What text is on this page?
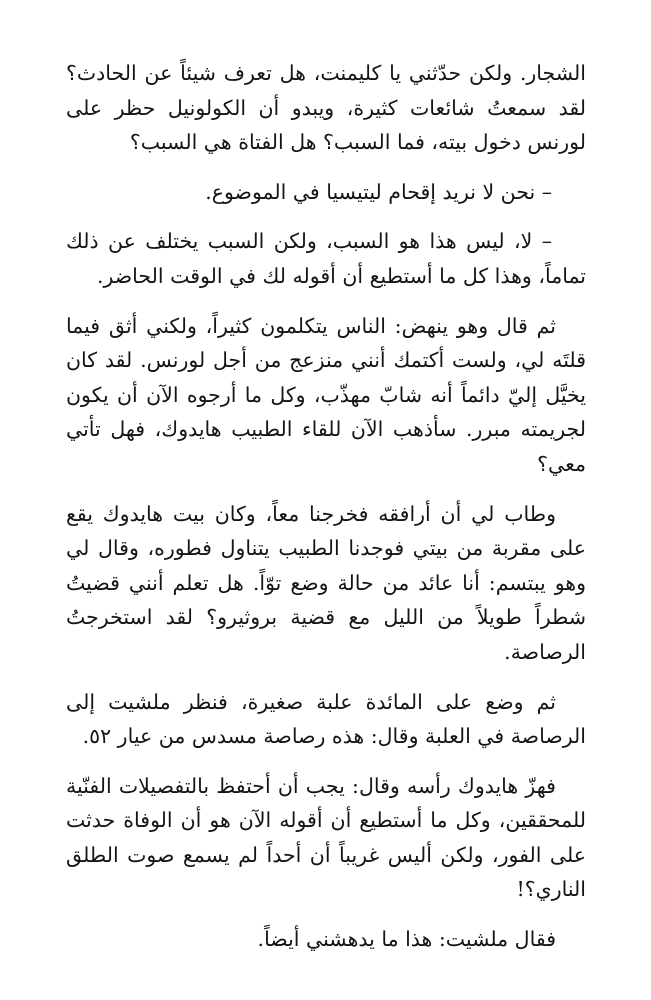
الشجار. ولكن حدّثني يا كليمنت، هل تعرف شيئاً عن الحادث؟ لقد سمعتُ شائعات كثيرة، ويبدو أن الكولونيل حظر على لورنس دخول بيته، فما السبب؟ هل الفتاة هي السبب؟

– نحن لا نريد إقحام ليتيسيا في الموضوع.

– لا، ليس هذا هو السبب، ولكن السبب يختلف عن ذلك تماماً، وهذا كل ما أستطيع أن أقوله لك في الوقت الحاضر.

ثم قال وهو ينهض: الناس يتكلمون كثيراً، ولكني أثق فيما قلتَه لي، ولست أكتمك أنني منزعج من أجل لورنس. لقد كان يخيَّل إليّ دائماً أنه شابّ مهذّب، وكل ما أرجوه الآن أن يكون لجريمته مبرر. سأذهب الآن للقاء الطبيب هايدوك، فهل تأتي معي؟

وطاب لي أن أرافقه فخرجنا معاً، وكان بيت هايدوك يقع على مقربة من بيتي فوجدنا الطبيب يتناول فطوره، وقال لي وهو يبتسم: أنا عائد من حالة وضع توّاً. هل تعلم أنني قضيتُ شطراً طويلاً من الليل مع قضية بروثيرو؟ لقد استخرجتُ الرصاصة.

ثم وضع على المائدة علبة صغيرة، فنظر ملشيت إلى الرصاصة في العلبة وقال: هذه رصاصة مسدس من عيار ٥٢.

فهزّ هايدوك رأسه وقال: يجب أن أحتفظ بالتفصيلات الفنّية للمحققين، وكل ما أستطيع أن أقوله الآن هو أن الوفاة حدثت على الفور، ولكن أليس غريباً أن أحداً لم يسمع صوت الطلق الناري؟!

فقال ملشيت: هذا ما يدهشني أيضاً.
